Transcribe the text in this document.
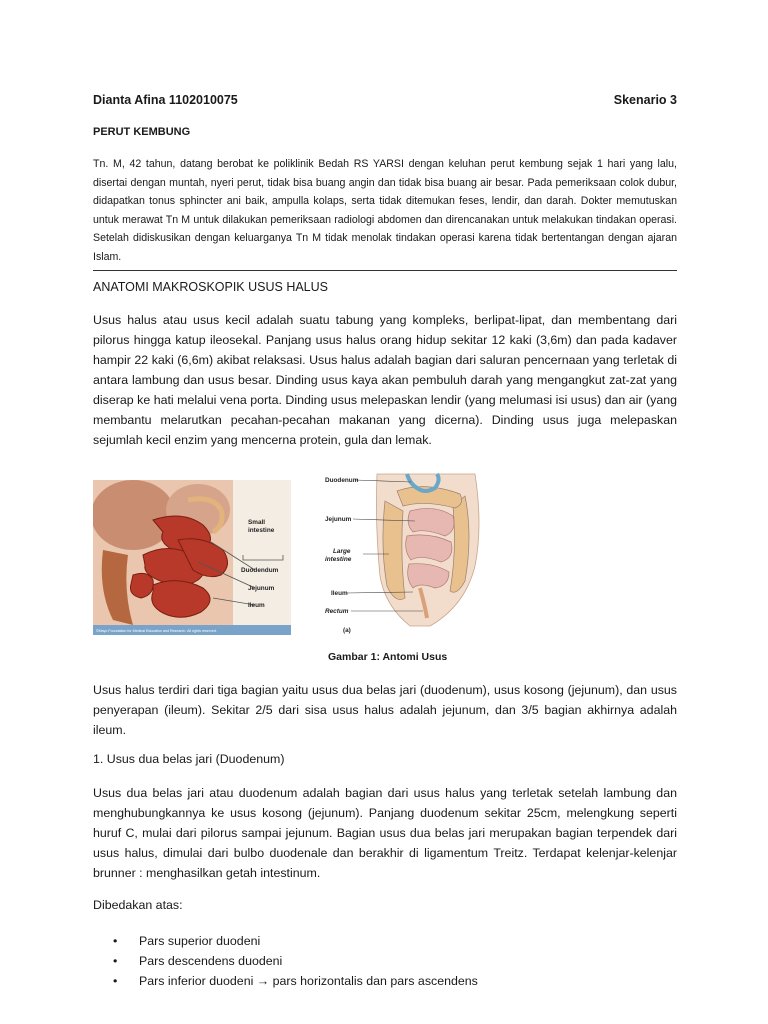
Dianta Afina 1102010075	Skenario 3
PERUT KEMBUNG

Tn. M, 42 tahun, datang berobat ke poliklinik Bedah RS YARSI dengan keluhan perut kembung sejak 1 hari yang lalu, disertai dengan muntah, nyeri perut, tidak bisa buang angin dan tidak bisa buang air besar. Pada pemeriksaan colok dubur, didapatkan tonus sphincter ani baik, ampulla kolaps, serta tidak ditemukan feses, lendir, dan darah. Dokter memutuskan untuk merawat Tn M untuk dilakukan pemeriksaan radiologi abdomen dan direncanakan untuk melakukan tindakan operasi. Setelah didiskusikan dengan keluarganya Tn M tidak menolak tindakan operasi karena tidak bertentangan dengan ajaran Islam.

ANATOMI MAKROSKOPIK USUS HALUS

Usus halus atau usus kecil adalah suatu tabung yang kompleks, berlipat-lipat, dan membentang dari pilorus hingga katup ileosekal. Panjang usus halus orang hidup sekitar 12 kaki (3,6m) dan pada kadaver hampir 22 kaki (6,6m) akibat relaksasi. Usus halus adalah bagian dari saluran pencernaan yang terletak di antara lambung dan usus besar. Dinding usus kaya akan pembuluh darah yang mengangkut zat-zat yang diserap ke hati melalui vena porta. Dinding usus melepaskan lendir (yang melumasi isi usus) dan air (yang membantu melarutkan pecahan-pecahan makanan yang dicerna). Dinding usus juga melepaskan sejumlah kecil enzim yang mencerna protein, gula dan lemak.

Small
intestine
Duodendum
Jejunum
Ileum
©Mayo Foundation for Medical Education and Research. All rights reserved.
Duodenum
Jejunum
Large
intestine
Ileum
Rectum
(a)
Gambar 1: Antomi Usus

Usus halus terdiri dari tiga bagian yaitu usus dua belas jari (duodenum), usus kosong (jejunum), dan usus penyerapan (ileum). Sekitar 2/5 dari sisa usus halus adalah jejunum, dan 3/5 bagian akhirnya adalah ileum.

1. Usus dua belas jari (Duodenum)

Usus dua belas jari atau duodenum adalah bagian dari usus halus yang terletak setelah lambung dan menghubungkannya ke usus kosong (jejunum). Panjang duodenum sekitar 25cm, melengkung seperti huruf C, mulai dari pilorus sampai jejunum. Bagian usus dua belas jari merupakan bagian terpendek dari usus halus, dimulai dari bulbo duodenale dan berakhir di ligamentum Treitz. Terdapat kelenjar-kelenjar brunner : menghasilkan getah intestinum.

Dibedakan atas:
• Pars superior duodeni
• Pars descendens duodeni
• Pars inferior duodeni → pars horizontalis dan pars ascendens
